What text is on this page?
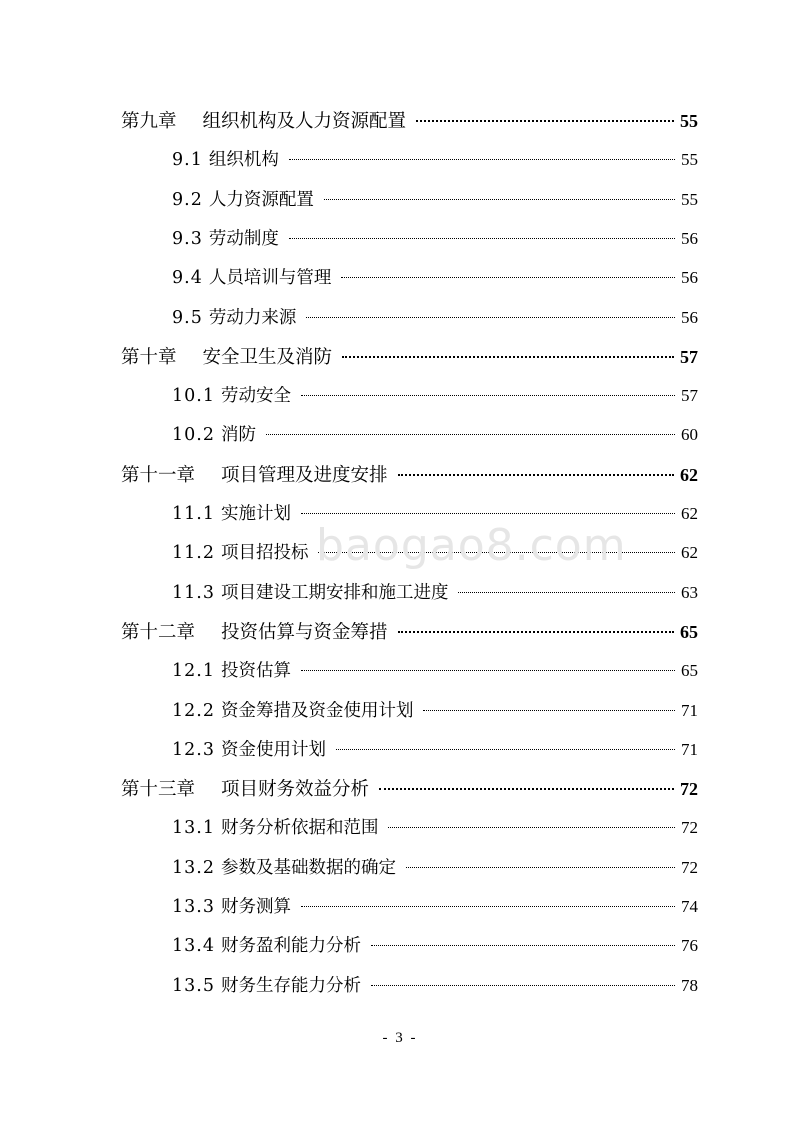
第九章 组织机构及人力资源配置	55
9.1 组织机构	55
9.2 人力资源配置	55
9.3 劳动制度	56
9.4 人员培训与管理	56
9.5 劳动力来源	56
第十章 安全卫生及消防	57
10.1 劳动安全	57
10.2 消防	60
第十一章 项目管理及进度安排	62
11.1 实施计划	62
11.2 项目招投标	62
11.3 项目建设工期安排和施工进度	63
第十二章 投资估算与资金筹措	65
12.1 投资估算	65
12.2 资金筹措及资金使用计划	71
12.3 资金使用计划	71
第十三章 项目财务效益分析	72
13.1 财务分析依据和范围	72
13.2 参数及基础数据的确定	72
13.3 财务测算	74
13.4 财务盈利能力分析	76
13.5 财务生存能力分析	78
baogao8.com
- 3 -
